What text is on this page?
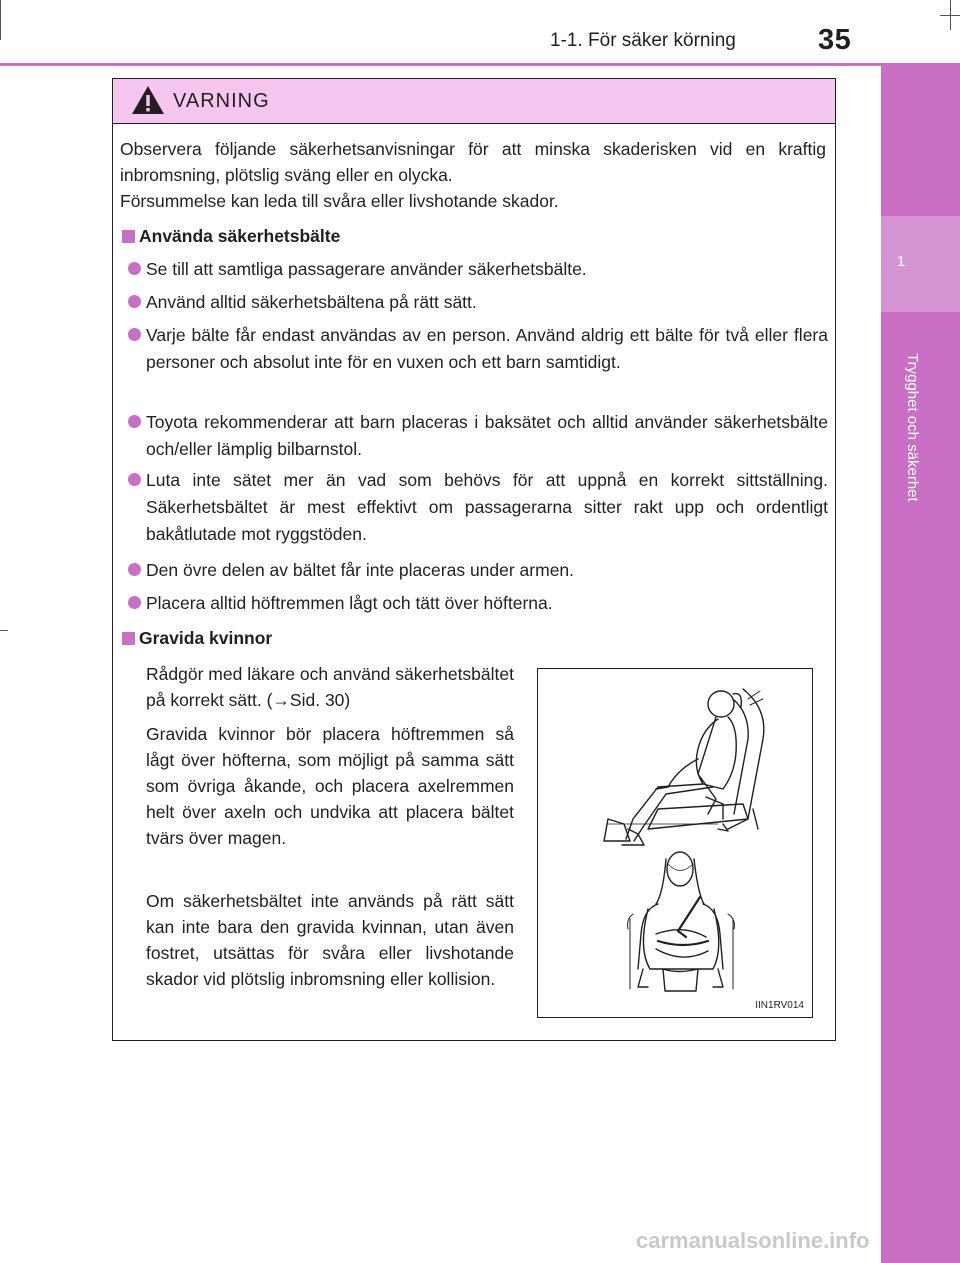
1-1. För säker körning	35
1
Trygghet och säkerhet
VARNING
Observera följande säkerhetsanvisningar för att minska skaderisken vid en kraftig inbromsning, plötslig sväng eller en olycka.
Försummelse kan leda till svåra eller livshotande skador.
Använda säkerhetsbälte
Se till att samtliga passagerare använder säkerhetsbälte.
Använd alltid säkerhetsbältena på rätt sätt.
Varje bälte får endast användas av en person. Använd aldrig ett bälte för två eller flera personer och absolut inte för en vuxen och ett barn samtidigt.
Toyota rekommenderar att barn placeras i baksätet och alltid använder säkerhetsbälte och/eller lämplig bilbarnstol.
Luta inte sätet mer än vad som behövs för att uppnå en korrekt sittställning. Säkerhetsbältet är mest effektivt om passagerarna sitter rakt upp och ordentligt bakåtlutade mot ryggstöden.
Den övre delen av bältet får inte placeras under armen.
Placera alltid höftremmen lågt och tätt över höfterna.
Gravida kvinnor
Rådgör med läkare och använd säkerhetsbältet på korrekt sätt. (→Sid. 30)
Gravida kvinnor bör placera höftremmen så lågt över höfterna, som möjligt på samma sätt som övriga åkande, och placera axelremmen helt över axeln och undvika att placera bältet tvärs över magen.
Om säkerhetsbältet inte används på rätt sätt kan inte bara den gravida kvinnan, utan även fostret, utsättas för svåra eller livshotande skador vid plötslig inbromsning eller kollision.
IIN1RV014
carmanualsonline.info
